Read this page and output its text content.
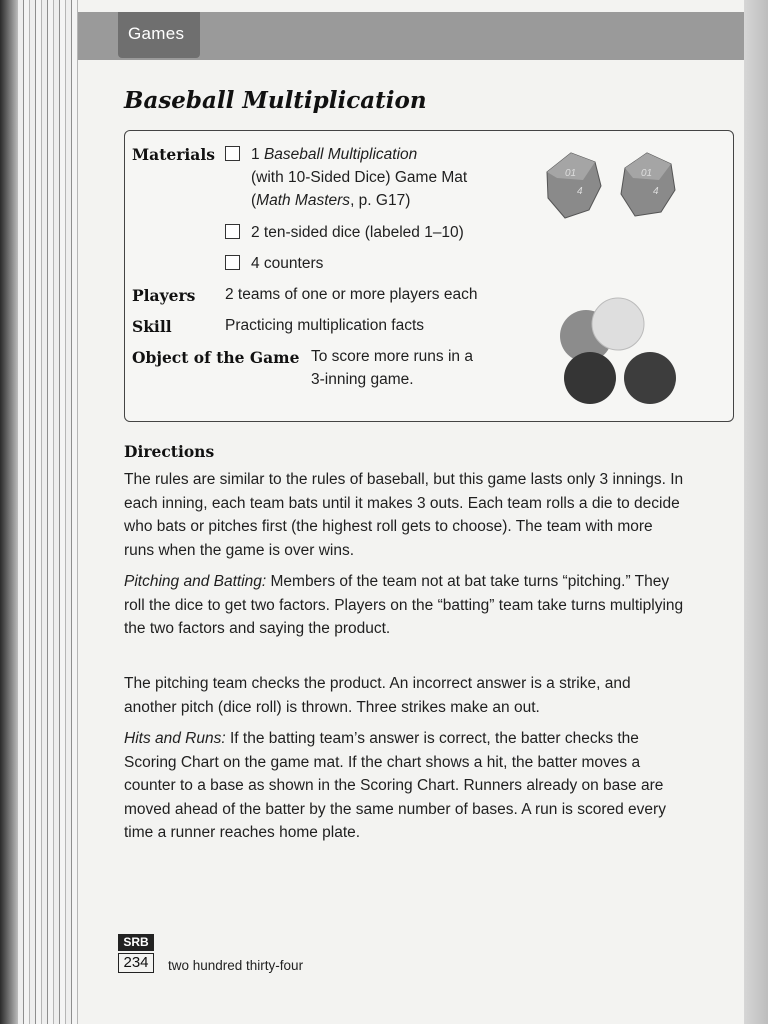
Games
Baseball Multiplication
Materials 1 Baseball Multiplication
(with 10-Sided Dice) Game Mat
(Math Masters, p. G17)
2 ten-sided dice (labeled 1–10)
4 counters
Players 2 teams of one or more players each
Skill	Practicing multiplication facts
Object of the Game To score more runs in a
3-inning game.
01
4
01
4
Directions
The rules are similar to the rules of baseball, but this game lasts only 3 innings. In each inning, each team bats until it makes 3 outs. Each team rolls a die to decide who bats or pitches first (the highest roll gets to choose). The team with more runs when the game is over wins.
Pitching and Batting: Members of the team not at bat take turns “pitching.” They roll the dice to get two factors. Players on the “batting” team take turns multiplying the two factors and saying the product.
The pitching team checks the product. An incorrect answer is a strike, and another pitch (dice roll) is thrown. Three strikes make an out.
Hits and Runs: If the batting team’s answer is correct, the batter checks the Scoring Chart on the game mat. If the chart shows a hit, the batter moves a counter to a base as shown in the Scoring Chart. Runners already on base are moved ahead of the batter by the same number of bases. A run is scored every time a runner reaches home plate.
SRB
234	two hundred thirty-four
